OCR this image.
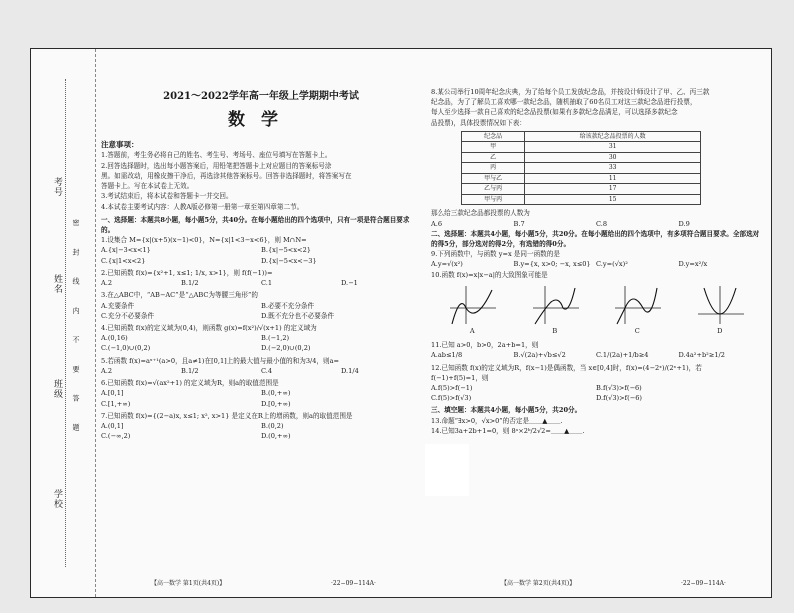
考号
姓名
班级
学校
密 封 线 内 不 要 答 题
2021～2022学年高一年级上学期期中考试
数学
注意事项：
1.答题前，考生务必将自己的姓名、考生号、考场号、座位号填写在答题卡上。
2.回答选择题时，选出每小题答案后，用铅笔把答题卡上对应题目的答案标号涂
黑。如需改动，用橡皮擦干净后，再选涂其他答案标号。回答非选择题时，将答案写在
答题卡上。写在本试卷上无效。
3.考试结束后，将本试卷和答题卡一并交回。
4.本试卷主要考试内容：人教A版必修第一册第一章至第四章第二节。
一、选择题：本题共8小题，每小题5分，共40分。在每小题给出的四个选项中，只有一项是符合题目要求的。
1.设集合 M={x|(x+5)(x−1)<0}，N={x|1<3−x<6}，则 M∩N=
A.{x|−3<x<1}	B.{x|−5<x<2}
C.{x|1<x<2}	D.{x|−5<x<−3}
2.已知函数 f(x)={x²+1, x≤1; 1/x, x>1}，则 f(f(−1))=
A.2	B.1/2	C.1	D.−1
3.在△ABC中，“AB−AC”是“△ABC为等腰三角形”的
A.充要条件	B.必要不充分条件
C.充分不必要条件	D.既不充分也不必要条件
4.已知函数 f(x)的定义域为(0,4)，则函数 g(x)=f(x²)/√(x+1) 的定义域为
A.(0,16)	B.(−1,2)
C.(−1,0)∪(0,2)	D.(−2,0)∪(0,2)
5.若函数 f(x)=aˣ⁺¹(a>0，且a≠1)在[0,1]上的最大值与最小值的和为3/4，则a=
A.2	B.1/2	C.4	D.1/4
6.已知函数 f(x)=√(ax²+1) 的定义域为R，则a的取值范围是
A.[0,1]	B.(0,+∞)
C.[1,+∞)	D.[0,+∞)
7.已知函数 f(x)={(2−a)x, x≤1; x², x>1} 是定义在R上的增函数，则a的取值范围是
A.(0,1]	B.(0,2)
C.(−∞,2)	D.(0,+∞)
【高一数学 第1页(共4页)】	·22−09−114A·
8.某公司举行10周年纪念庆典，为了给每个员工发放纪念品，并按设计师设计了甲、乙、丙三款
纪念品，为了了解员工喜欢哪一款纪念品，随机抽取了60名员工对这三款纪念品进行投票，
每人至少选择一款自己喜欢的纪念品投票(如果有多款纪念品满足，可以选择多款纪念
品投票)，具体投票情况如下表：
纪念品	给该款纪念品投票的人数
甲	31
乙	30
丙	33
甲与乙	11
乙与丙	17
甲与丙	15
那么给三款纪念品都投票的人数为
A.6	B.7	C.8	D.9
二、选择题：本题共4小题，每小题5分，共20分。在每小题给出的四个选项中，有多项符合题目要求。全部选对的得5分，部分选对的得2分，有选错的得0分。
9.下列函数中，与函数 y=x 是同一函数的是
A.y=√(x²)	B.y={x, x>0; −x, x≤0} C.y=(√x)²	D.y=x²/x
10.函数 f(x)=x|x−a|的大致图象可能是
A	B	C	D
11.已知 a>0，b>0，2a+b=1，则
A.ab≤1/8	B.√(2a)+√b≤√2	C.1/(2a)+1/b≥4	D.4a²+b²≥1/2
12.已知函数 f(x)的定义域为R，f(x−1)是偶函数，当 x∈[0,4]时，f(x)=(4−2ˣ)/(2ˣ+1)，若
f(−1)+f(5)=1，则
A.f(5)>f(−1)	B.f(√3)>f(−6)
C.f(5)>f(√3)	D.f(√3)>f(−6)
三、填空题：本题共4小题，每小题5分，共20分。
13.命题“∃x>0，√x>0”的否定是＿＿▲＿＿.
14.已知3a+2b+1=0，则 8ᵃ×2ᵇ/2√2=＿＿▲＿＿.
【高一数学 第2页(共4页)】	·22−09−114A·
